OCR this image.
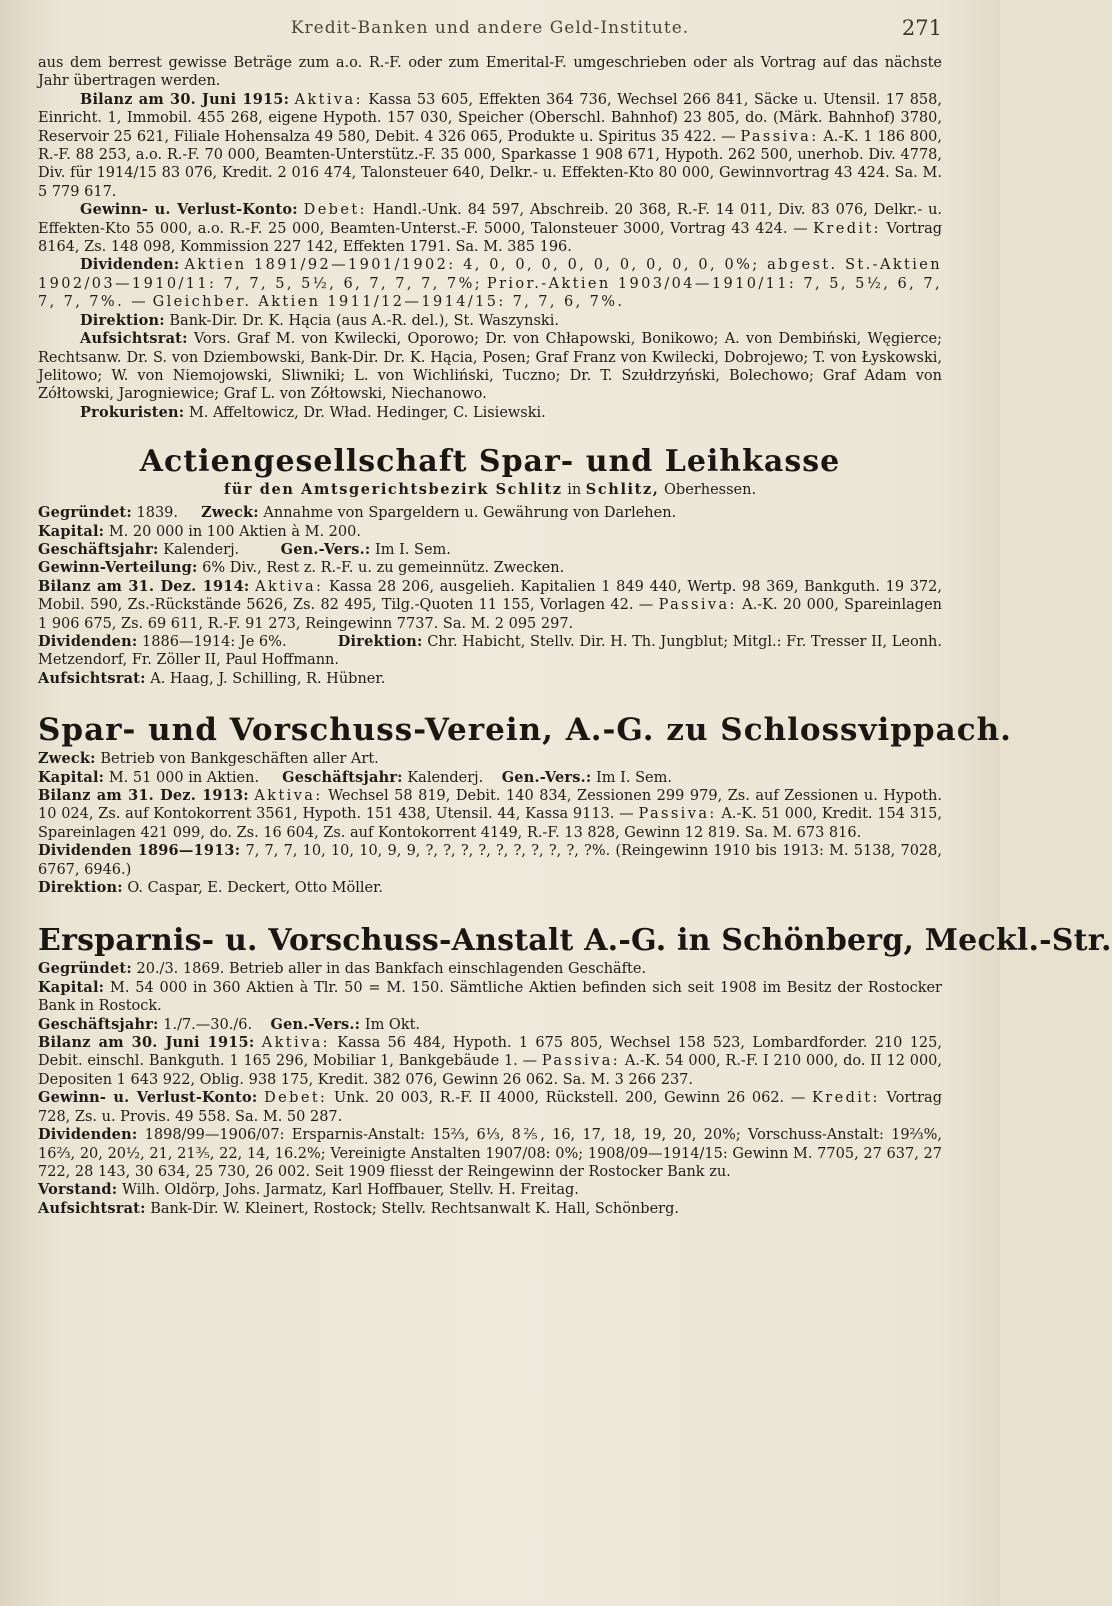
Kredit-Banken und andere Geld-Institute.	271

aus dem berrest gewisse Beträge zum a.o. R.-F. oder zum Emerital-F. umgeschrieben oder als Vortrag auf das nächste Jahr übertragen werden.

Bilanz am 30. Juni 1915: Aktiva: Kassa 53 605, Effekten 364 736, Wechsel 266 841, Säcke u. Utensil. 17 858, Einricht. 1, Immobil. 455 268, eigene Hypoth. 157 030, Speicher (Oberschl. Bahnhof) 23 805, do. (Märk. Bahnhof) 3780, Reservoir 25 621, Filiale Hohensalza 49 580, Debit. 4 326 065, Produkte u. Spiritus 35 422. — Passiva: A.-K. 1 186 800, R.-F. 88 253, a.o. R.-F. 70 000, Beamten-Unterstütz.-F. 35 000, Sparkasse 1 908 671, Hypoth. 262 500, unerhob. Div. 4778, Div. für 1914/15 83 076, Kredit. 2 016 474, Talonsteuer 640, Delkr.- u. Effekten-Kto 80 000, Gewinnvortrag 43 424. Sa. M. 5 779 617.

Gewinn- u. Verlust-Konto: Debet: Handl.-Unk. 84 597, Abschreib. 20 368, R.-F. 14 011, Div. 83 076, Delkr.- u. Effekten-Kto 55 000, a.o. R.-F. 25 000, Beamten-Unterst.-F. 5000, Talonsteuer 3000, Vortrag 43 424. — Kredit: Vortrag 8164, Zs. 148 098, Kommission 227 142, Effekten 1791. Sa. M. 385 196.

Dividenden: Aktien 1891/92—1901/1902: 4, 0, 0, 0, 0, 0, 0, 0, 0, 0, 0%; abgest. St.-Aktien 1902/03—1910/11: 7, 7, 5, 5½, 6, 7, 7, 7, 7%; Prior.-Aktien 1903/04—1910/11: 7, 5, 5½, 6, 7, 7, 7, 7%. — Gleichber. Aktien 1911/12—1914/15: 7, 7, 6, 7%.

Direktion: Bank-Dir. Dr. K. Hącia (aus A.-R. del.), St. Waszynski.

Aufsichtsrat: Vors. Graf M. von Kwilecki, Oporowo; Dr. von Chłapowski, Bonikowo; A. von Dembiński, Węgierce; Rechtsanw. Dr. S. von Dziembowski, Bank-Dir. Dr. K. Hącia, Posen; Graf Franz von Kwilecki, Dobrojewo; T. von Łyskowski, Jelitowo; W. von Niemojowski, Sliwniki; L. von Wichliński, Tuczno; Dr. T. Szułdrzyński, Bolechowo; Graf Adam von Zółtowski, Jarogniewice; Graf L. von Zółtowski, Niechanowo.

Prokuristen: M. Affeltowicz, Dr. Wład. Hedinger, C. Lisiewski.

Actiengesellschaft Spar- und Leihkasse
für den Amtsgerichtsbezirk Schlitz in Schlitz, Oberhessen.

Gegründet: 1839. Zweck: Annahme von Spargeldern u. Gewährung von Darlehen.

Kapital: M. 20 000 in 100 Aktien à M. 200.

Geschäftsjahr: Kalenderj.	Gen.-Vers.: Im I. Sem.

Gewinn-Verteilung: 6% Div., Rest z. R.-F. u. zu gemeinnütz. Zwecken.

Bilanz am 31. Dez. 1914: Aktiva: Kassa 28 206, ausgelieh. Kapitalien 1 849 440, Wertp. 98 369, Bankguth. 19 372, Mobil. 590, Zs.-Rückstände 5626, Zs. 82 495, Tilg.-Quoten 11 155, Vorlagen 42. — Passiva: A.-K. 20 000, Spareinlagen 1 906 675, Zs. 69 611, R.-F. 91 273, Reingewinn 7737. Sa. M. 2 095 297.

Dividenden: 1886—1914: Je 6%.	Direktion: Chr. Habicht, Stellv. Dir. H. Th. Jungblut; Mitgl.: Fr. Tresser II, Leonh. Metzendorf, Fr. Zöller II, Paul Hoffmann.

Aufsichtsrat: A. Haag, J. Schilling, R. Hübner.

Spar- und Vorschuss-Verein, A.-G. zu Schlossvippach.

Zweck: Betrieb von Bankgeschäften aller Art.

Kapital: M. 51 000 in Aktien. Geschäftsjahr: Kalenderj. Gen.-Vers.: Im I. Sem.

Bilanz am 31. Dez. 1913: Aktiva: Wechsel 58 819, Debit. 140 834, Zessionen 299 979, Zs. auf Zessionen u. Hypoth. 10 024, Zs. auf Kontokorrent 3561, Hypoth. 151 438, Utensil. 44, Kassa 9113. — Passiva: A.-K. 51 000, Kredit. 154 315, Spareinlagen 421 099, do. Zs. 16 604, Zs. auf Kontokorrent 4149, R.-F. 13 828, Gewinn 12 819. Sa. M. 673 816.

Dividenden 1896—1913: 7, 7, 7, 10, 10, 10, 9, 9, ?, ?, ?, ?, ?, ?, ?, ?, ?, ?%. (Reingewinn 1910 bis 1913: M. 5138, 7028, 6767, 6946.)

Direktion: O. Caspar, E. Deckert, Otto Möller.

Ersparnis- u. Vorschuss-Anstalt A.-G. in Schönberg, Meckl.-Str.

Gegründet: 20./3. 1869. Betrieb aller in das Bankfach einschlagenden Geschäfte.

Kapital: M. 54 000 in 360 Aktien à Tlr. 50 = M. 150. Sämtliche Aktien befinden sich seit 1908 im Besitz der Rostocker Bank in Rostock.

Geschäftsjahr: 1./7.—30./6. Gen.-Vers.: Im Okt.

Bilanz am 30. Juni 1915: Aktiva: Kassa 56 484, Hypoth. 1 675 805, Wechsel 158 523, Lombardforder. 210 125, Debit. einschl. Bankguth. 1 165 296, Mobiliar 1, Bankgebäude 1. — Passiva: A.-K. 54 000, R.-F. I 210 000, do. II 12 000, Depositen 1 643 922, Oblig. 938 175, Kredit. 382 076, Gewinn 26 062. Sa. M. 3 266 237.

Gewinn- u. Verlust-Konto: Debet: Unk. 20 003, R.-F. II 4000, Rückstell. 200, Gewinn 26 062. — Kredit: Vortrag 728, Zs. u. Provis. 49 558. Sa. M. 50 287.

Dividenden: 1898/99—1906/07: Ersparnis-Anstalt: 15⅔, 6⅓, 8⅖, 16, 17, 18, 19, 20, 20%; Vorschuss-Anstalt: 19⅔%, 16⅔, 20, 20½, 21, 21⅗, 22, 14, 16.2%; Vereinigte Anstalten 1907/08: 0%; 1908/09—1914/15: Gewinn M. 7705, 27 637, 27 722, 28 143, 30 634, 25 730, 26 002. Seit 1909 fliesst der Reingewinn der Rostocker Bank zu.

Vorstand: Wilh. Oldörp, Johs. Jarmatz, Karl Hoffbauer, Stellv. H. Freitag.

Aufsichtsrat: Bank-Dir. W. Kleinert, Rostock; Stellv. Rechtsanwalt K. Hall, Schönberg.
